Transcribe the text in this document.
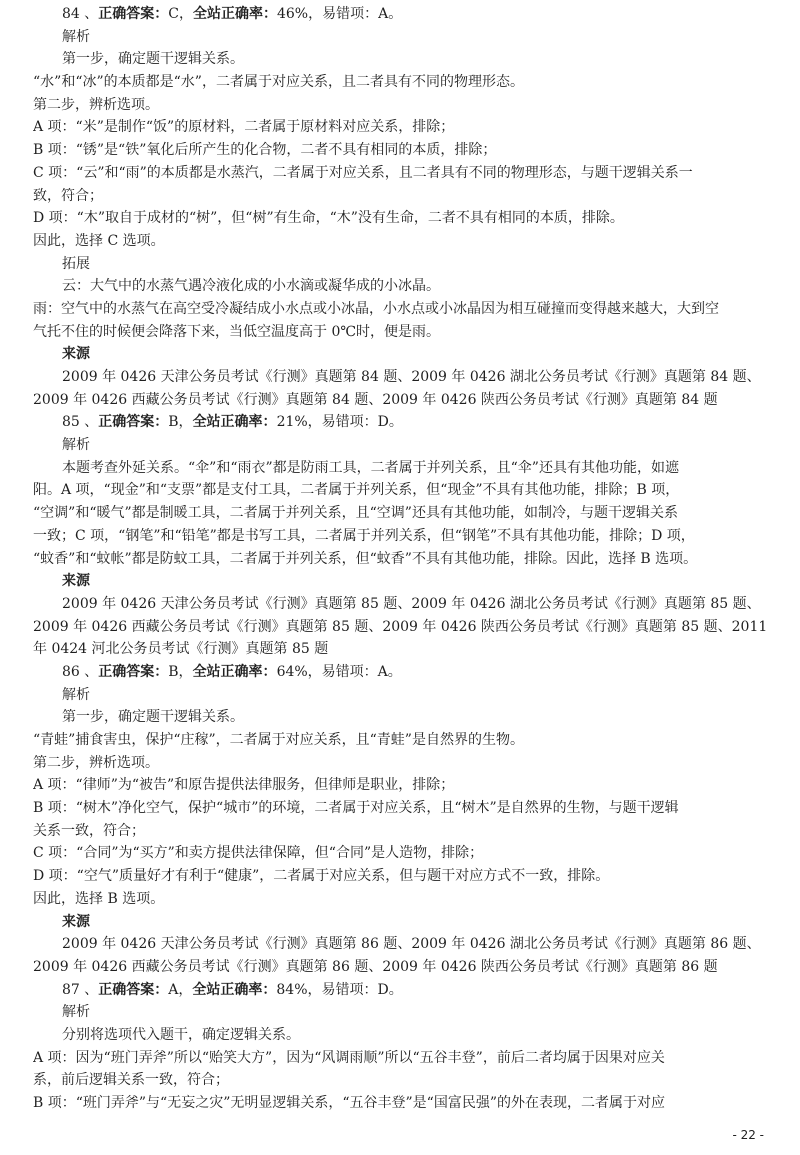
84 、正确答案：C，全站正确率：46%，易错项：A。
解析
第一步，确定题干逻辑关系。
“水”和“冰”的本质都是“水”，二者属于对应关系，且二者具有不同的物理形态。
第二步，辨析选项。
A 项：“米”是制作“饭”的原材料，二者属于原材料对应关系，排除；
B 项：“锈”是“铁”氧化后所产生的化合物，二者不具有相同的本质，排除；
C 项：“云”和“雨”的本质都是水蒸汽，二者属于对应关系，且二者具有不同的物理形态，与题干逻辑关系一
致，符合；
D 项：“木”取自于成材的“树”，但“树”有生命，“木”没有生命，二者不具有相同的本质，排除。
因此，选择 C 选项。
拓展
云：大气中的水蒸气遇冷液化成的小水滴或凝华成的小冰晶。
雨：空气中的水蒸气在高空受冷凝结成小水点或小冰晶，小水点或小冰晶因为相互碰撞而变得越来越大，大到空
气托不住的时候便会降落下来，当低空温度高于 0℃时，便是雨。
来源
2009 年 0426 天津公务员考试《行测》真题第 84 题、2009 年 0426 湖北公务员考试《行测》真题第 84 题、
2009 年 0426 西藏公务员考试《行测》真题第 84 题、2009 年 0426 陕西公务员考试《行测》真题第 84 题
85 、正确答案：B，全站正确率：21%，易错项：D。
解析
本题考查外延关系。“伞”和“雨衣”都是防雨工具，二者属于并列关系，且“伞”还具有其他功能，如遮
阳。A 项，“现金”和“支票”都是支付工具，二者属于并列关系，但“现金”不具有其他功能，排除；B 项，
“空调”和“暖气”都是制暖工具，二者属于并列关系，且“空调”还具有其他功能，如制冷，与题干逻辑关系
一致；C 项，“钢笔”和“铅笔”都是书写工具，二者属于并列关系，但“钢笔”不具有其他功能，排除；D 项，
“蚊香”和“蚊帐”都是防蚊工具，二者属于并列关系，但“蚊香”不具有其他功能，排除。因此，选择 B 选项。
来源
2009 年 0426 天津公务员考试《行测》真题第 85 题、2009 年 0426 湖北公务员考试《行测》真题第 85 题、
2009 年 0426 西藏公务员考试《行测》真题第 85 题、2009 年 0426 陕西公务员考试《行测》真题第 85 题、2011
年 0424 河北公务员考试《行测》真题第 85 题
86 、正确答案：B，全站正确率：64%，易错项：A。
解析
第一步，确定题干逻辑关系。
“青蛙”捕食害虫，保护“庄稼”，二者属于对应关系，且“青蛙”是自然界的生物。
第二步，辨析选项。
A 项：“律师”为“被告”和原告提供法律服务，但律师是职业，排除；
B 项：“树木”净化空气，保护“城市”的环境，二者属于对应关系，且“树木”是自然界的生物，与题干逻辑
关系一致，符合；
C 项：“合同”为“买方”和卖方提供法律保障，但“合同”是人造物，排除；
D 项：“空气”质量好才有利于“健康”，二者属于对应关系，但与题干对应方式不一致，排除。
因此，选择 B 选项。
来源
2009 年 0426 天津公务员考试《行测》真题第 86 题、2009 年 0426 湖北公务员考试《行测》真题第 86 题、
2009 年 0426 西藏公务员考试《行测》真题第 86 题、2009 年 0426 陕西公务员考试《行测》真题第 86 题
87 、正确答案：A，全站正确率：84%，易错项：D。
解析
分别将选项代入题干，确定逻辑关系。
A 项：因为“班门弄斧”所以“贻笑大方”，因为“风调雨顺”所以“五谷丰登”，前后二者均属于因果对应关
系，前后逻辑关系一致，符合；
B 项：“班门弄斧”与“无妄之灾”无明显逻辑关系，“五谷丰登”是“国富民强”的外在表现，二者属于对应
- 22 -
